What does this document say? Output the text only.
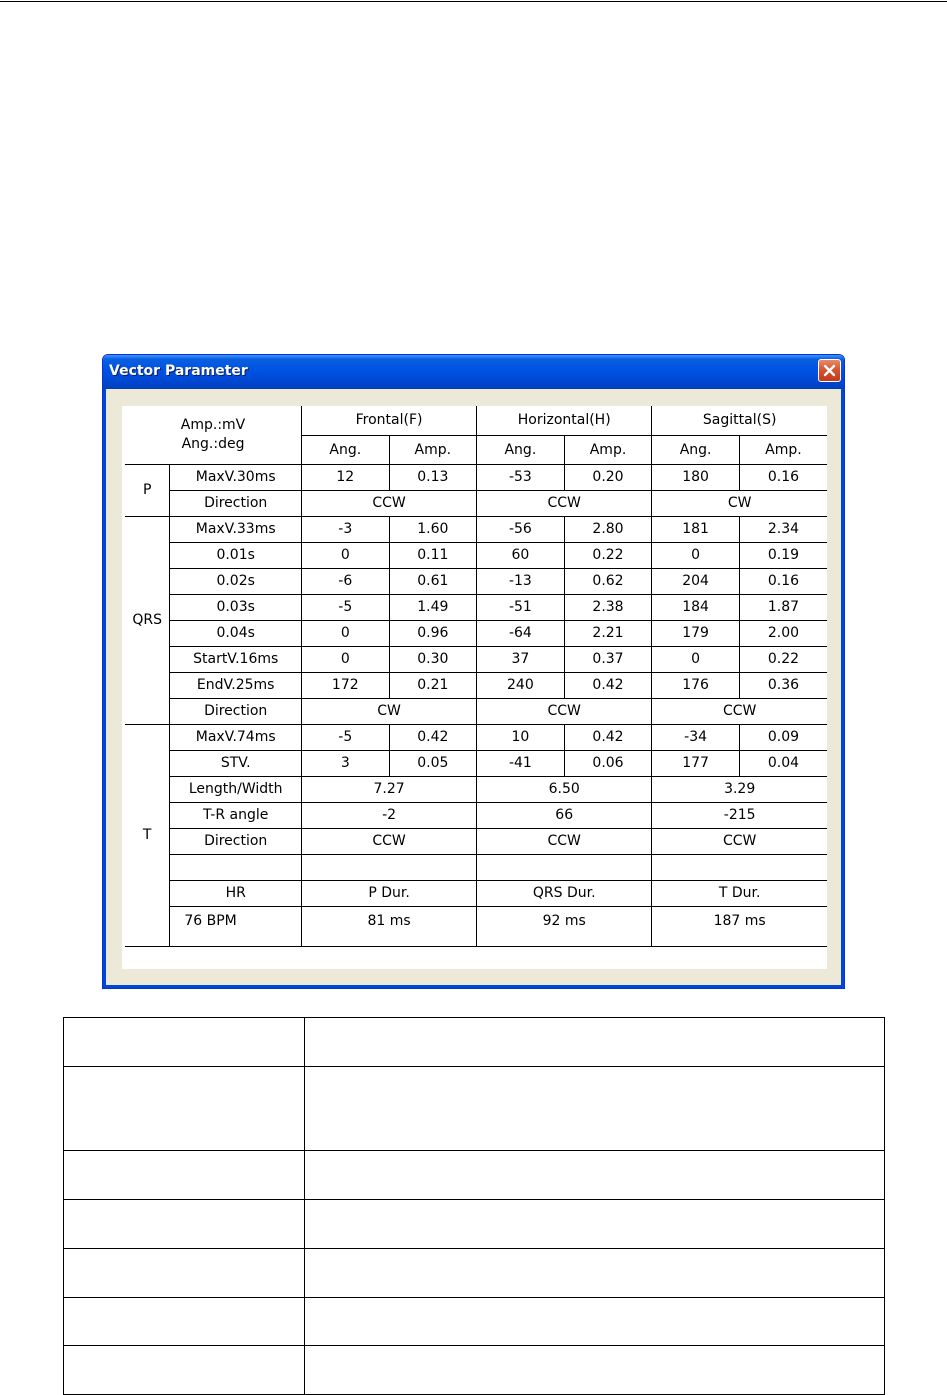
Vector Parameter
Amp.:mV
Ang.:deg		Frontal(F)		Horizontal(H)		Sagittal(S)	
		Ang.	Amp.	Ang.	Amp.	Ang.	Amp.
P	MaxV.30ms	12	0.13	-53	0.20	180	0.16
	Direction	CCW		CCW		CW	
QRS	MaxV.33ms	-3	1.60	-56	2.80	181	2.34
	0.01s	0	0.11	60	0.22	0	0.19
	0.02s	-6	0.61	-13	0.62	204	0.16
	0.03s	-5	1.49	-51	2.38	184	1.87
	0.04s	0	0.96	-64	2.21	179	2.00
	StartV.16ms	0	0.30	37	0.37	0	0.22
	EndV.25ms	172	0.21	240	0.42	176	0.36
	Direction	CW		CCW		CCW	
T	MaxV.74ms	-5	0.42	10	0.42	-34	0.09
	STV.	3	0.05	-41	0.06	177	0.04
	Length/Width	7.27		6.50		3.29	
	T-R angle	-2		66		-215	
	Direction	CCW		CCW		CCW	

	HR	P Dur.		QRS Dur.		T Dur.	
	76 BPM	81 ms		92 ms		187 ms	
